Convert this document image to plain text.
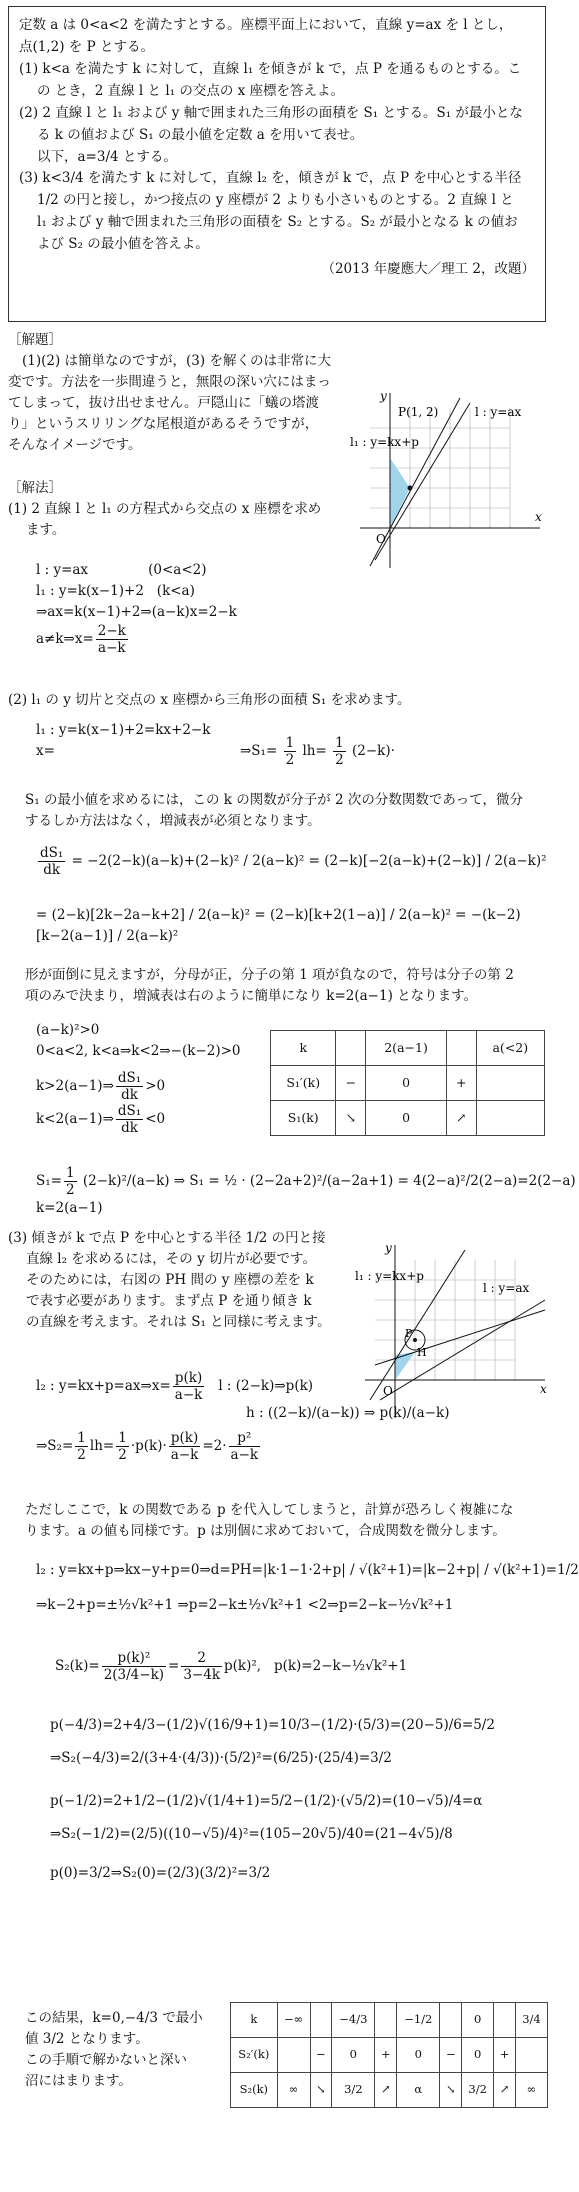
定数 a は 0<a<2 を満たすとする。座標平面上において，直線 y=ax を l とし，

点(1,2) を P とする。

(1) k<a を満たす k に対して，直線 l₁ を傾きが k で，点 P を通るものとする。こ

の とき，2 直線 l と l₁ の交点の x 座標を答えよ。

(2) 2 直線 l と l₁ および y 軸で囲まれた三角形の面積を S₁ とする。S₁ が最小とな

る k の値および S₁ の最小値を定数 a を用いて表せ。

以下，a=3/4 とする。

(3) k<3/4 を満たす k に対して，直線 l₂ を，傾きが k で，点 P を中心とする半径

1/2 の円と接し，かつ接点の y 座標が 2 よりも小さいものとする。2 直線 l と

l₁ および y 軸で囲まれた三角形の面積を S₂ とする。S₂ が最小となる k の値お

よび S₂ の最小値を答えよ。

（2013 年慶應大／理工 2，改題）

［解題］

(1)(2) は簡単なのですが，(3) を解くのは非常に大

変です。方法を一歩間違うと，無限の深い穴にはまっ

てしまって，抜け出せません。戸隠山に「蟻の塔渡

り」というスリリングな尾根道があるそうですが，

そんなイメージです。

y
x
O
P(1, 2)	l : y=ax
l₁ : y=kx+p

［解法］

(1) 2 直線 l と l₁ の方程式から交点の x 座標を求め

ます。

l : y=ax              (0<a<2)

l₁ : y=k(x−1)+2   (k<a)

⇒ax=k(x−1)+2⇒(a−k)x=2−k

a≠k⇒x= $\frac{2-k}{a-k}$

(2) l₁ の y 切片と交点の x 座標から三角形の面積 S₁ を求めます。

l₁ : y=k(x−1)+2=kx+2−k

x=	⇒S₁= $\frac{1}{2} lh= \frac{1}{2} (2-k)\cdot$

S₁ の最小値を求めるには，この k の関数が分子が 2 次の分数関数であって，微分

するしか方法はなく，増減表が必須となります。

$\frac{\text{dS₁}}{dk} = -2(2-k)(a-k)+(2-k)^2 / 2(a-k)^2 = (2-k)[-2(a-k)+(2-k)] / 2(a-k)^2$
= (2−k)[2k−2a−k+2] / 2(a−k)² = (2−k)[k+2(1−a)] / 2(a−k)² = −(k−2)[k−2(a−1)] / 2(a−k)²

形が面倒に見えますが，分母が正，分子の第 1 項が負なので，符号は分子の第 2

項のみで決まり，増減表は右のように簡単になり k=2(a−1) となります。

(a−k)²>0

0<a<2, k<a⇒k<2⇒−(k−2)>0

k>2(a−1)⇒ $\frac{\text{dS₁}}{dk} >0$

k<2(a−1)⇒ $\frac{\text{dS₁}}{dk} <0$

k		2(a−1)		a(<2)
S₁′(k)	−	0	+	
S₁(k)	↘	0	↗	

$S_1= \frac{1}{2} (2-k)^2/(a-k)$ ⇒ S₁ = ½ · (2−2a+2)²/(a−2a+1) = 4(2−a)²/2(2−a)=2(2−a)

k=2(a−1)

y
x
O
P
H
l : y=ax
l₁ : y=kx+p

(3) 傾きが k で点 P を中心とする半径 1/2 の円と接

直線 l₂ を求めるには，その y 切片が必要です。

そのためには，右図の PH 間の y 座標の差を k

で表す必要があります。まず点 P を通り傾き k

の直線を考えます。それは S₁ と同様に考えます。

l₂ : y=kx+p=ax⇒x= $\frac{p(k)}{a-k}$ l : (2−k)⇒p(k)

h : ((2−k)/(a−k)) ⇒ p(k)/(a−k)

⇒S₂= $\frac{1}{2} lh= \frac{1}{2} \cdot p(k)\cdot \frac{p(k)}{a-k} =2\cdot \frac{\text{p²}}{a-k}$

ただしここで，k の関数である p を代入してしまうと，計算が恐ろしく複雑にな

ります。a の値も同様です。p は別個に求めておいて，合成関数を微分します。

l₂ : y=kx+p⇒kx−y+p=0⇒d=PH=|k·1−1·2+p| / √(k²+1)=|k−2+p| / √(k²+1)=1/2

⇒k−2+p=±½√k²+1 ⇒p=2−k±½√k²+1 <2⇒p=2−k−½√k²+1

$S_2(k)= \frac{\text{p(k)²}}{2(3/4-k)} = \frac{2}{3-4k} p(k)^2$,   p(k)=2−k−½√k²+1

p(−4/3)=2+4/3−(1/2)√(16/9+1)=10/3−(1/2)·(5/3)=(20−5)/6=5/2

⇒S₂(−4/3)=2/(3+4·(4/3))·(5/2)²=(6/25)·(25/4)=3/2

p(−1/2)=2+1/2−(1/2)√(1/4+1)=5/2−(1/2)·(√5/2)=(10−√5)/4=α

⇒S₂(−1/2)=(2/5)((10−√5)/4)²=(105−20√5)/40=(21−4√5)/8

p(0)=3/2⇒S₂(0)=(2/3)(3/2)²=3/2

この結果，k=0,−4/3 で最小

値 3/2 となります。

この手順で解かないと深い

沼にはまります。

k	−∞		−4/3		−1/2		0		3/4
S₂′(k)		−	0	+	0	−	0	+	
S₂(k)	∞	↘	3/2	↗	α	↘	3/2	↗	∞
